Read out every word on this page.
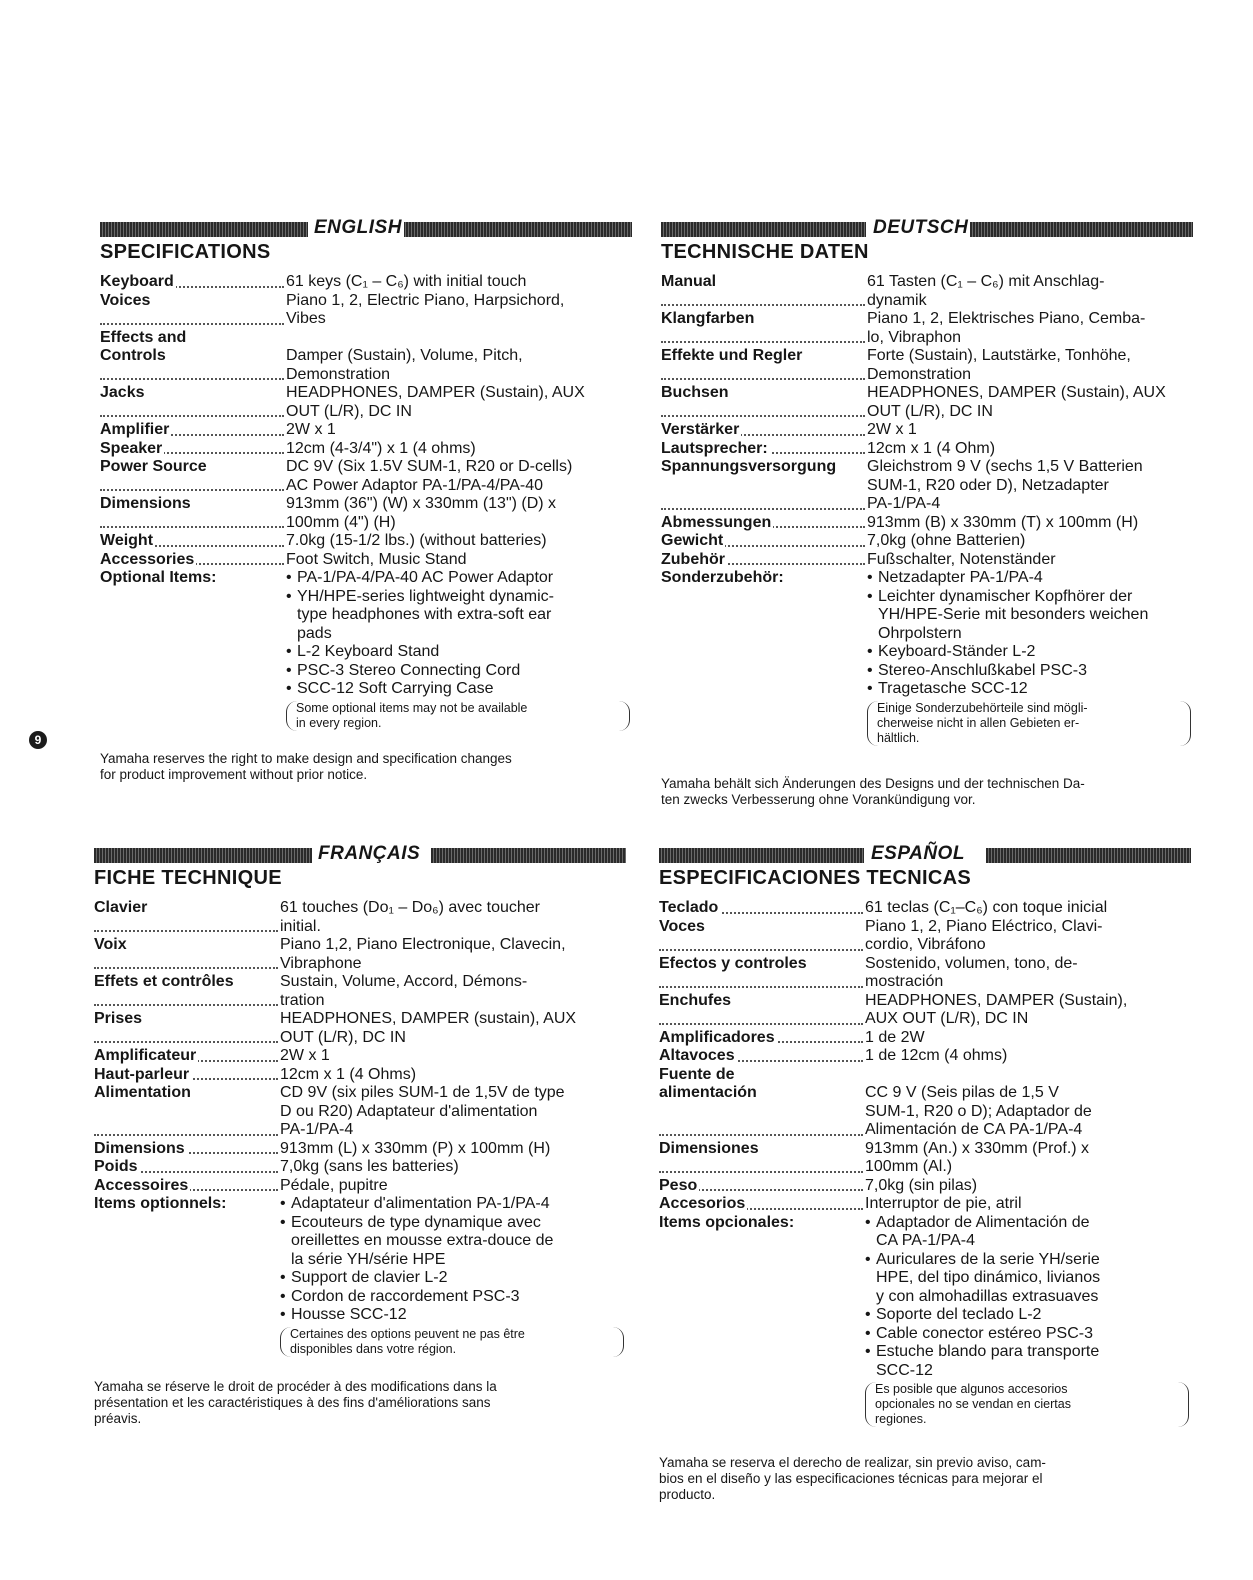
9
ENGLISH
SPECIFICATIONS
Keyboard	61 keys (C₁ – C₆) with initial touch
Voices	Piano 1, 2, Electric Piano, Harpsichord,
Vibes
Effects and
Controls	Damper (Sustain), Volume, Pitch,
Demonstration
Jacks	HEADPHONES, DAMPER (Sustain), AUX
OUT (L/R), DC IN
Amplifier	2W x 1
Speaker	12cm (4-3/4") x 1 (4 ohms)
Power Source	DC 9V (Six 1.5V SUM-1, R20 or D-cells)
AC Power Adaptor PA-1/PA-4/PA-40
Dimensions	913mm (36") (W) x 330mm (13") (D) x
100mm (4") (H)
Weight	7.0kg (15-1/2 lbs.) (without batteries)
Accessories	Foot Switch, Music Stand
Optional Items:	• PA-1/PA-4/PA-40 AC Power Adaptor
• YH/HPE-series lightweight dynamic-
type headphones with extra-soft ear
pads
• L-2 Keyboard Stand
• PSC-3 Stereo Connecting Cord
• SCC-12 Soft Carrying Case
Some optional items may not be available
in every region.
Yamaha reserves the right to make design and specification changes
for product improvement without prior notice.
DEUTSCH
TECHNISCHE DATEN
Manual	61 Tasten (C₁ – C₆) mit Anschlag-
dynamik
Klangfarben	Piano 1, 2, Elektrisches Piano, Cemba-
lo, Vibraphon
Effekte und Regler	Forte (Sustain), Lautstärke, Tonhöhe,
Demonstration
Buchsen	HEADPHONES, DAMPER (Sustain), AUX
OUT (L/R), DC IN
Verstärker	2W x 1
Lautsprecher:	12cm x 1 (4 Ohm)
Spannungsversorgung	Gleichstrom 9 V (sechs 1,5 V Batterien
SUM-1, R20 oder D), Netzadapter
PA-1/PA-4
Abmessungen	913mm (B) x 330mm (T) x 100mm (H)
Gewicht	7,0kg (ohne Batterien)
Zubehör	Fußschalter, Notenständer
Sonderzubehör:	• Netzadapter PA-1/PA-4
• Leichter dynamischer Kopfhörer der
YH/HPE-Serie mit besonders weichen
Ohrpolstern
• Keyboard-Ständer L-2
• Stereo-Anschlußkabel PSC-3
• Tragetasche SCC-12
Einige Sonderzubehörteile sind mögli-
cherweise nicht in allen Gebieten er-
hältlich.
Yamaha behält sich Änderungen des Designs und der technischen Da-
ten zwecks Verbesserung ohne Vorankündigung vor.
FRANÇAIS
FICHE TECHNIQUE
Clavier	61 touches (Do₁ – Do₆) avec toucher
initial.
Voix	Piano 1,2, Piano Electronique, Clavecin,
Vibraphone
Effets et contrôles	Sustain, Volume, Accord, Démons-
tration
Prises	HEADPHONES, DAMPER (sustain), AUX
OUT (L/R), DC IN
Amplificateur	2W x 1
Haut-parleur	12cm x 1 (4 Ohms)
Alimentation	CD 9V (six piles SUM-1 de 1,5V de type
D ou R20) Adaptateur d'alimentation
PA-1/PA-4
Dimensions	913mm (L) x 330mm (P) x 100mm (H)
Poids	7,0kg (sans les batteries)
Accessoires	Pédale, pupitre
Items optionnels:	• Adaptateur d'alimentation PA-1/PA-4
• Ecouteurs de type dynamique avec
oreillettes en mousse extra-douce de
la série YH/série HPE
• Support de clavier L-2
• Cordon de raccordement PSC-3
• Housse SCC-12
Certaines des options peuvent ne pas être
disponibles dans votre région.
Yamaha se réserve le droit de procéder à des modifications dans la
présentation et les caractéristiques à des fins d'améliorations sans
préavis.
ESPAÑOL
ESPECIFICACIONES TECNICAS
Teclado	61 teclas (C₁–C₆) con toque inicial
Voces	Piano 1, 2, Piano Eléctrico, Clavi-
cordio, Vibráfono
Efectos y controles	Sostenido, volumen, tono, de-
mostración
Enchufes	HEADPHONES, DAMPER (Sustain),
AUX OUT (L/R), DC IN
Amplificadores	1 de 2W
Altavoces	1 de 12cm (4 ohms)
Fuente de
alimentación	CC 9 V (Seis pilas de 1,5 V
SUM-1, R20 o D); Adaptador de
Alimentación de CA PA-1/PA-4
Dimensiones	913mm (An.) x 330mm (Prof.) x
100mm (Al.)
Peso	7,0kg (sin pilas)
Accesorios	Interruptor de pie, atril
Items opcionales:	• Adaptador de Alimentación de
CA PA-1/PA-4
• Auriculares de la serie YH/serie
HPE, del tipo dinámico, livianos
y con almohadillas extrasuaves
• Soporte del teclado L-2
• Cable conector estéreo PSC-3
• Estuche blando para transporte
SCC-12
Es posible que algunos accesorios
opcionales no se vendan en ciertas
regiones.
Yamaha se reserva el derecho de realizar, sin previo aviso, cam-
bios en el diseño y las especificaciones técnicas para mejorar el
producto.
